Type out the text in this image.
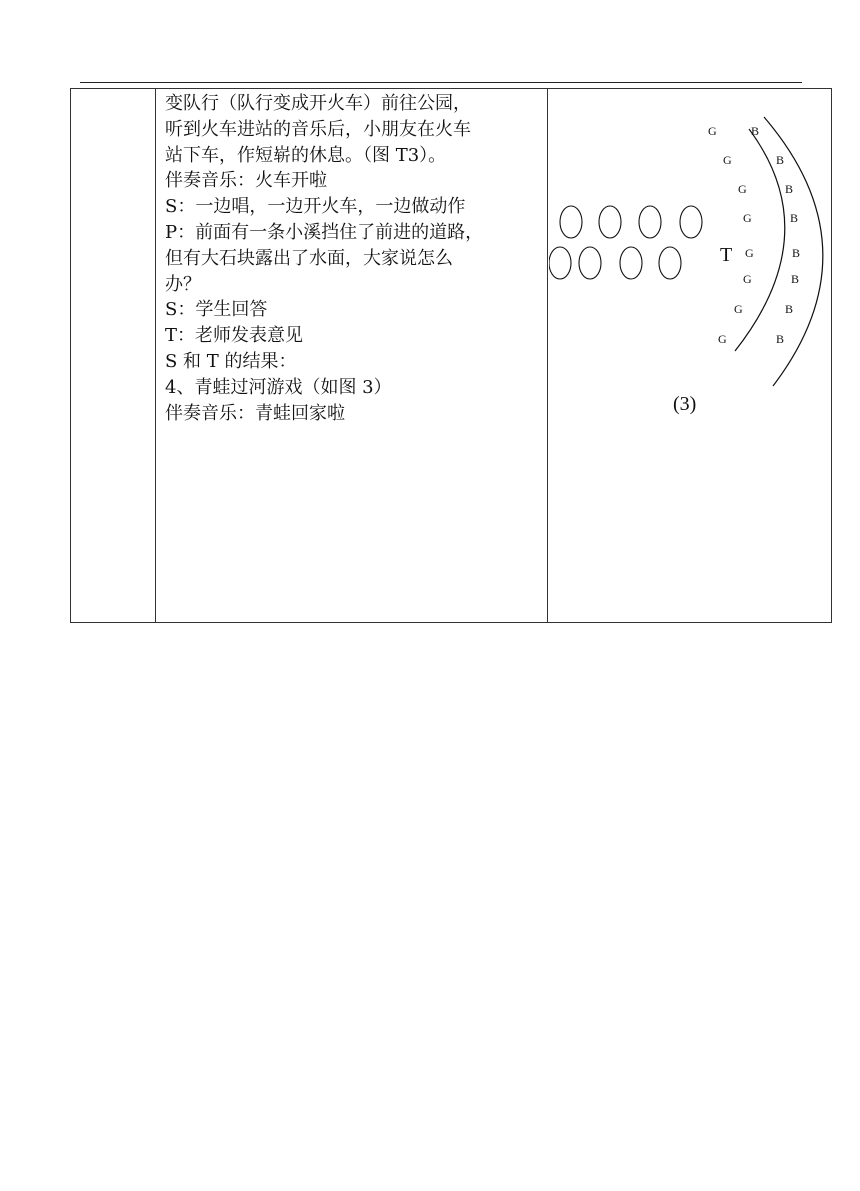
变队行（队行变成开火车）前往公园，
听到火车进站的音乐后，小朋友在火车
站下车，作短崭的休息。（图 T3）。
伴奏音乐：火车开啦
S：一边唱，一边开火车，一边做动作
P：前面有一条小溪挡住了前进的道路，
但有大石块露出了水面，大家说怎么
办？
S：学生回答
T：老师发表意见
S 和 T 的结果：
4、青蛙过河游戏（如图 3）
伴奏音乐：青蛙回家啦
G
G
G
G
G
G
G
G
B
B
B
B
B
B
B
B
T
(3)
